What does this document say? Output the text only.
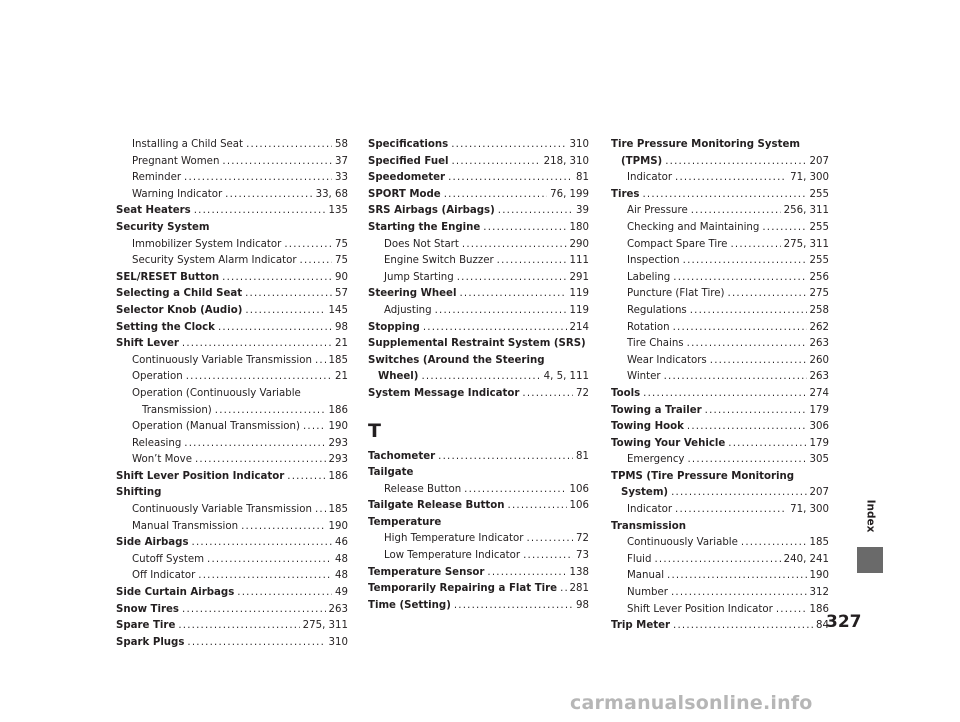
Installing a Child Seat .....	58
Pregnant Women .....	37
Reminder .....	33
Warning Indicator .....	33, 68
Seat Heaters .....	135
Security System
Immobilizer System Indicator .....	75
Security System Alarm Indicator .....	75
SEL/RESET Button .....	90
Selecting a Child Seat .....	57
Selector Knob (Audio) .....	145
Setting the Clock .....	98
Shift Lever .....	21
Continuously Variable Transmission ..... 185
Operation .....	21
Operation (Continuously Variable
Transmission) .....	186
Operation (Manual Transmission) .....	190
Releasing .....	293
Won’t Move .....	293
Shift Lever Position Indicator .....	186
Shifting
Continuously Variable Transmission ..... 185
Manual Transmission .....	190
Side Airbags .....	46
Cutoff System .....	48
Off Indicator .....	48
Side Curtain Airbags .....	49
Snow Tires .....	263
Spare Tire .....	275, 311
Spark Plugs .....	310
Specifications .....	310
Specified Fuel .....	218, 310
Speedometer .....	81
SPORT Mode .....	76, 199
SRS Airbags (Airbags) .....	39
Starting the Engine .....	180
Does Not Start .....	290
Engine Switch Buzzer .....	111
Jump Starting .....	291
Steering Wheel .....	119
Adjusting .....	119
Stopping .....	214
Supplemental Restraint System (SRS)
Switches (Around the Steering
Wheel) .....	4, 5, 111
System Message Indicator .....	72
T
Tachometer .....	81
Tailgate
Release Button .....	106
Tailgate Release Button .....	106
Temperature
High Temperature Indicator .....	72
Low Temperature Indicator .....	73
Temperature Sensor .....	138
Temporarily Repairing a Flat Tire ..... 281
Time (Setting) .....	98
Tire Pressure Monitoring System
(TPMS) .....	207
Indicator .....	71, 300
Tires .....	255
Air Pressure .....	256, 311
Checking and Maintaining .....	255
Compact Spare Tire .....	275, 311
Inspection .....	255
Labeling .....	256
Puncture (Flat Tire) .....	275
Regulations .....	258
Rotation .....	262
Tire Chains .....	263
Wear Indicators .....	260
Winter .....	263
Tools .....	274
Towing a Trailer .....	179
Towing Hook .....	306
Towing Your Vehicle .....	179
Emergency .....	305
TPMS (Tire Pressure Monitoring
System) .....	207
Indicator .....	71, 300
Transmission
Continuously Variable .....	185
Fluid .....	240, 241
Manual .....	190
Number .....	312
Shift Lever Position Indicator .....	186
Trip Meter .....	84
Index
327
carmanualsonline.info
